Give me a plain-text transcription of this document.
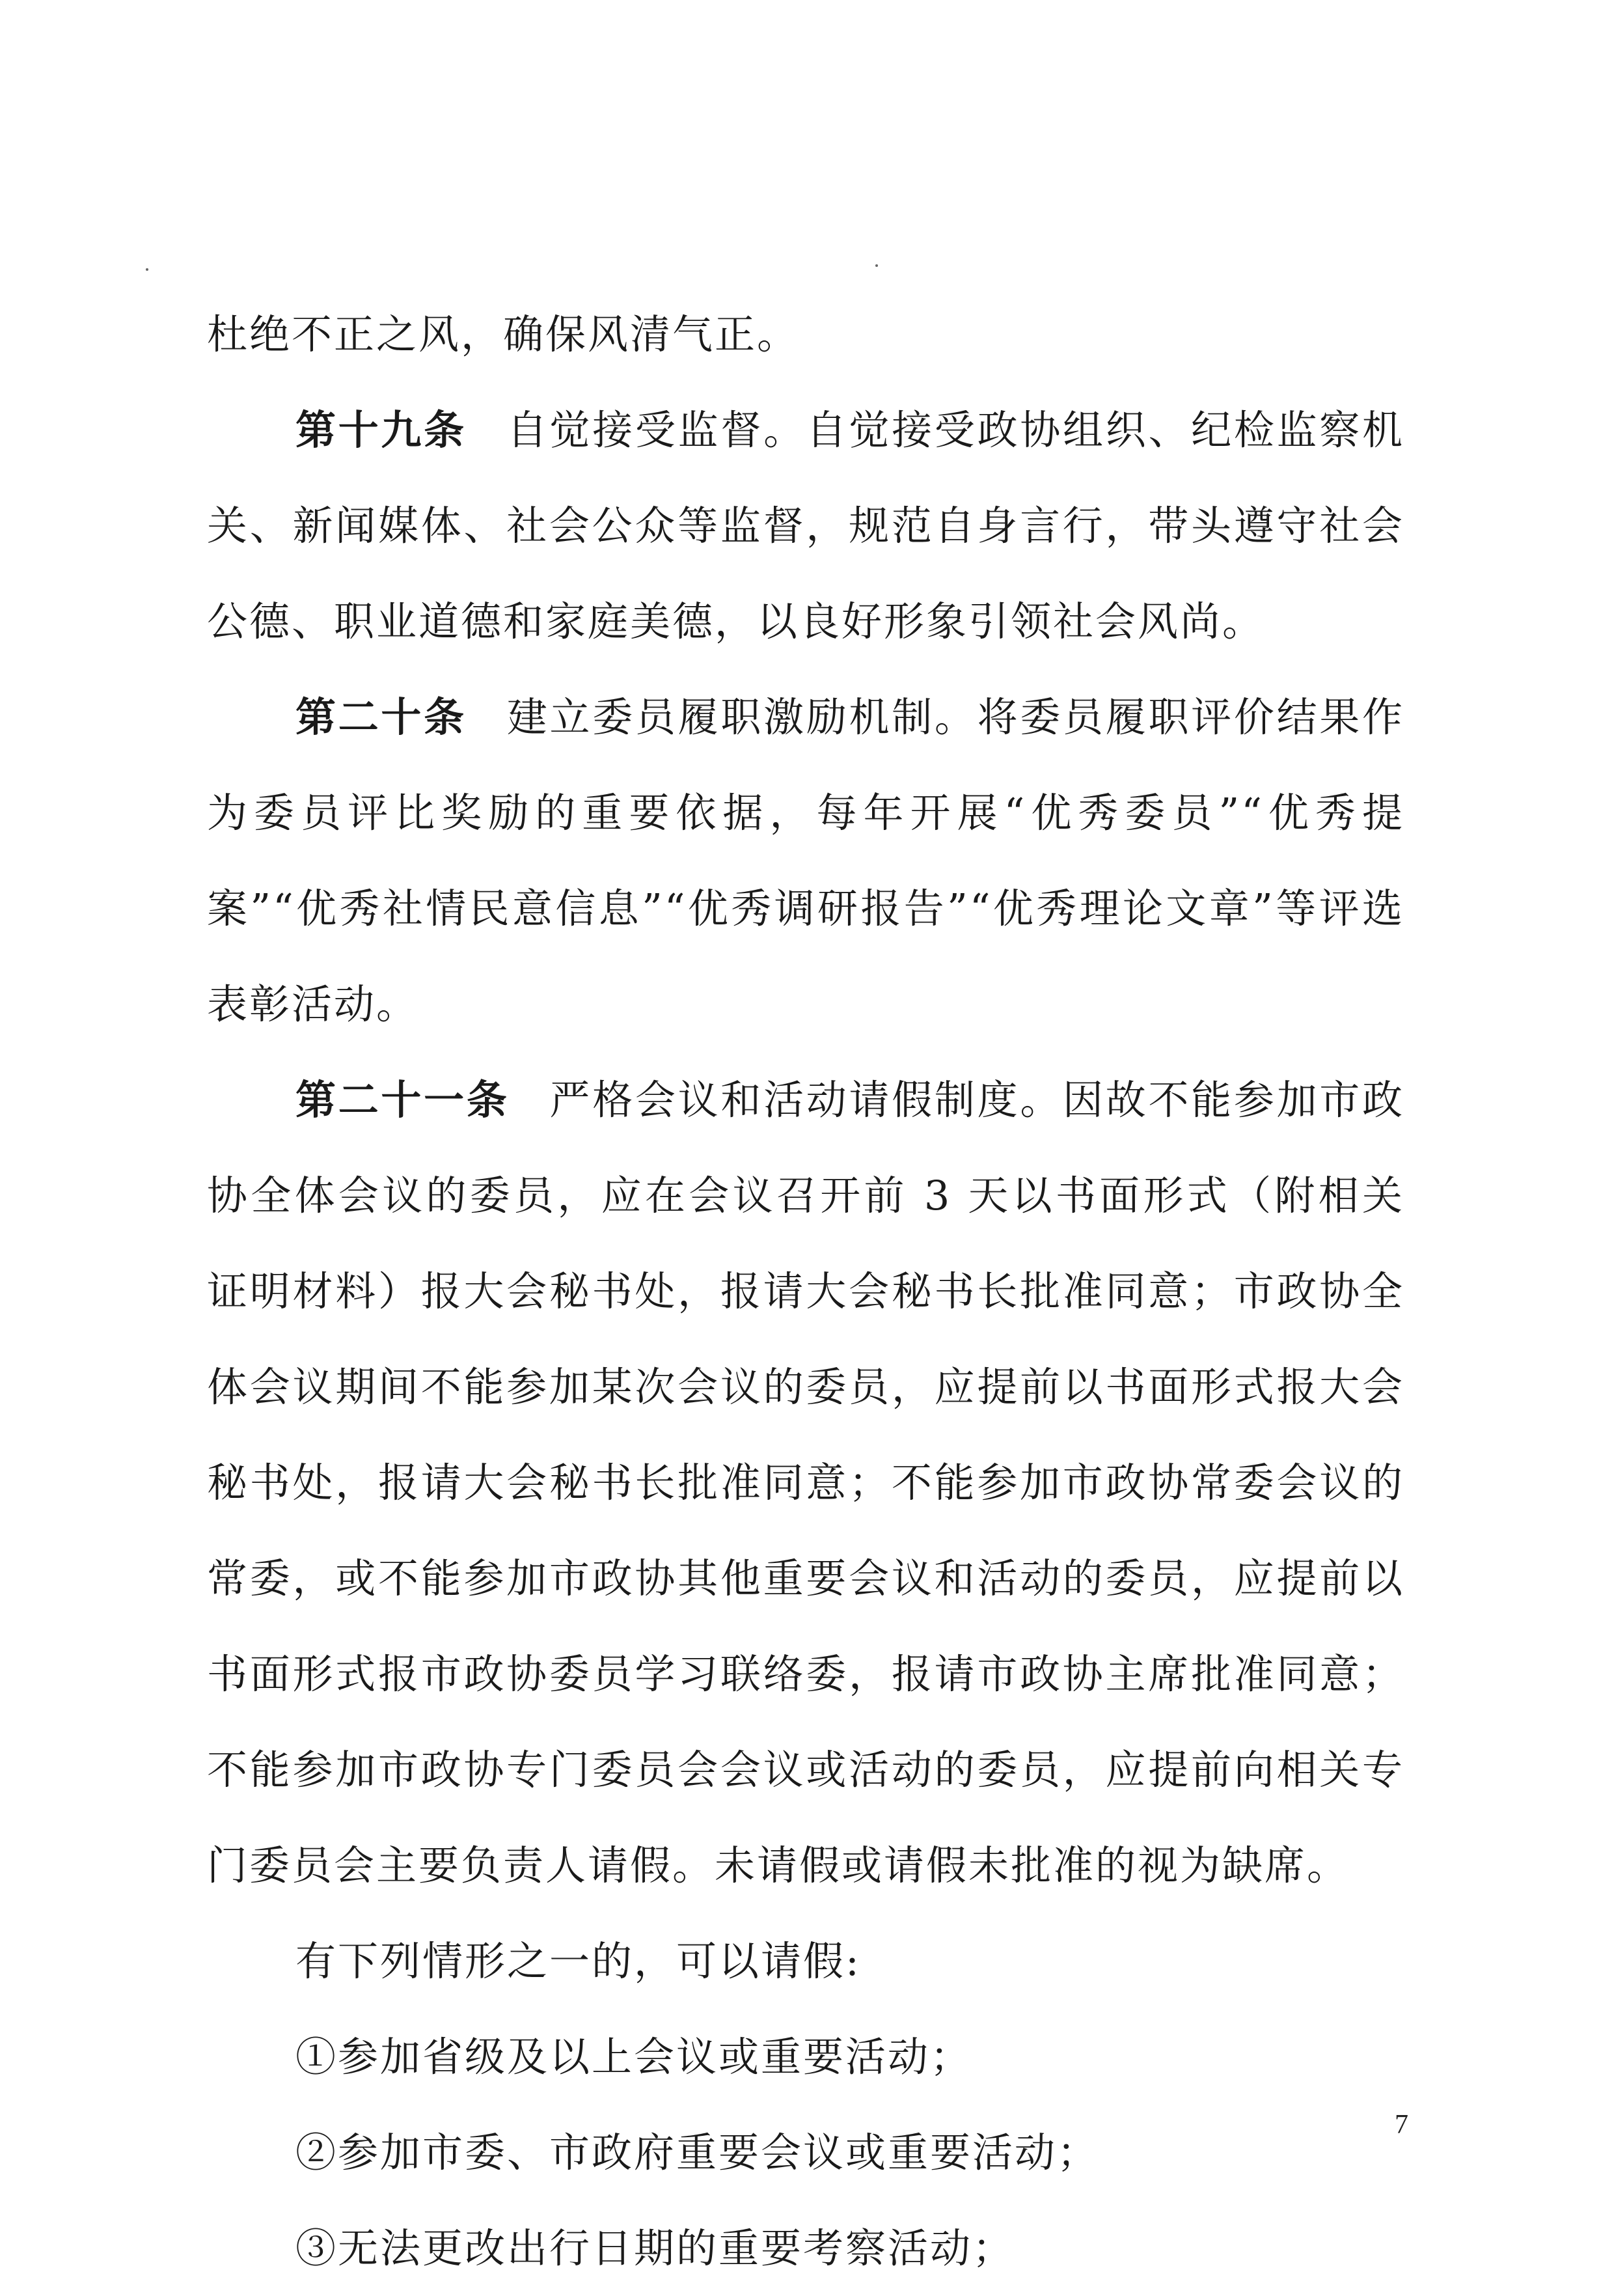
杜绝不正之风，确保风清气正。

第十九条 自觉接受监督。自觉接受政协组织、纪检监察机关、新闻媒体、社会公众等监督，规范自身言行，带头遵守社会公德、职业道德和家庭美德，以良好形象引领社会风尚。

第二十条 建立委员履职激励机制。将委员履职评价结果作为委员评比奖励的重要依据，每年开展“优秀委员”“优秀提案”“优秀社情民意信息”“优秀调研报告”“优秀理论文章”等评选表彰活动。

第二十一条 严格会议和活动请假制度。因故不能参加市政协全体会议的委员，应在会议召开前 3 天以书面形式（附相关证明材料）报大会秘书处，报请大会秘书长批准同意；市政协全体会议期间不能参加某次会议的委员，应提前以书面形式报大会秘书处，报请大会秘书长批准同意；不能参加市政协常委会议的常委，或不能参加市政协其他重要会议和活动的委员，应提前以书面形式报市政协委员学习联络委，报请市政协主席批准同意；不能参加市政协专门委员会会议或活动的委员，应提前向相关专门委员会主要负责人请假。未请假或请假未批准的视为缺席。

有下列情形之一的，可以请假:

①参加省级及以上会议或重要活动；

②参加市委、市政府重要会议或重要活动；

③无法更改出行日期的重要考察活动；

7
